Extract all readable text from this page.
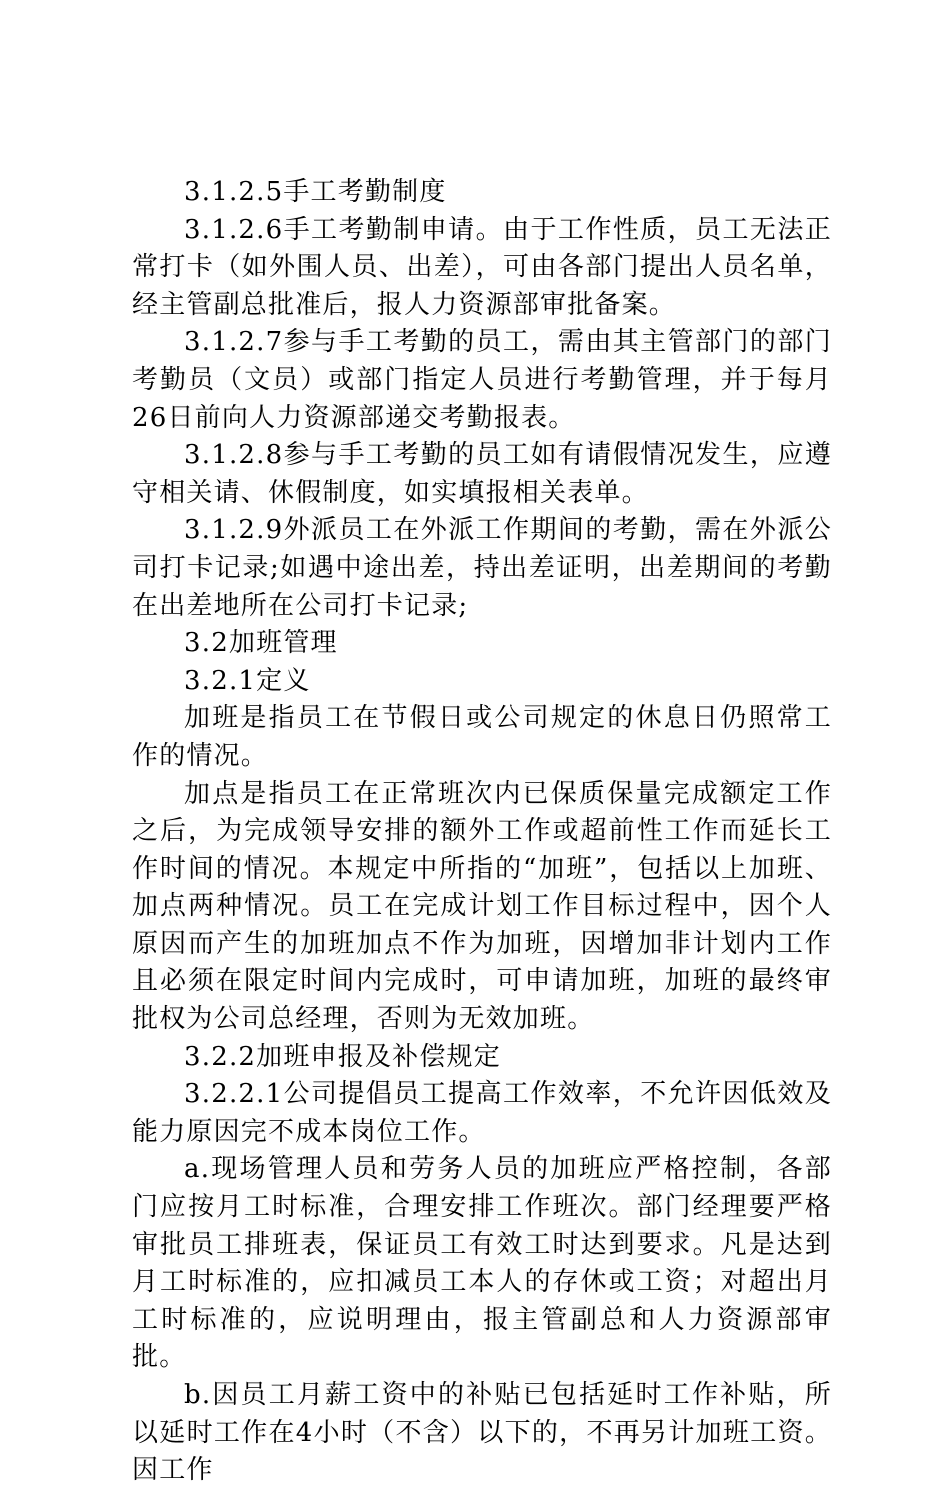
3.1.2.5手工考勤制度

3.1.2.6手工考勤制申请。由于工作性质，员工无法正常打卡（如外围人员、出差），可由各部门提出人员名单，经主管副总批准后，报人力资源部审批备案。

3.1.2.7参与手工考勤的员工，需由其主管部门的部门考勤员（文员）或部门指定人员进行考勤管理，并于每月26日前向人力资源部递交考勤报表。

3.1.2.8参与手工考勤的员工如有请假情况发生，应遵守相关请、休假制度，如实填报相关表单。

3.1.2.9外派员工在外派工作期间的考勤，需在外派公司打卡记录;如遇中途出差，持出差证明，出差期间的考勤在出差地所在公司打卡记录;

3.2加班管理

3.2.1定义

加班是指员工在节假日或公司规定的休息日仍照常工作的情况。

加点是指员工在正常班次内已保质保量完成额定工作之后，为完成领导安排的额外工作或超前性工作而延长工作时间的情况。本规定中所指的“加班”，包括以上加班、加点两种情况。员工在完成计划工作目标过程中，因个人原因而产生的加班加点不作为加班，因增加非计划内工作且必须在限定时间内完成时，可申请加班，加班的最终审批权为公司总经理，否则为无效加班。

3.2.2加班申报及补偿规定

3.2.2.1公司提倡员工提高工作效率，不允许因低效及能力原因完不成本岗位工作。

a.现场管理人员和劳务人员的加班应严格控制，各部门应按月工时标准，合理安排工作班次。部门经理要严格审批员工排班表，保证员工有效工时达到要求。凡是达到月工时标准的，应扣减员工本人的存休或工资；对超出月工时标准的，应说明理由，报主管副总和人力资源部审批。

b.因员工月薪工资中的补贴已包括延时工作补贴，所以延时工作在4小时（不含）以下的，不再另计加班工资。因工作
